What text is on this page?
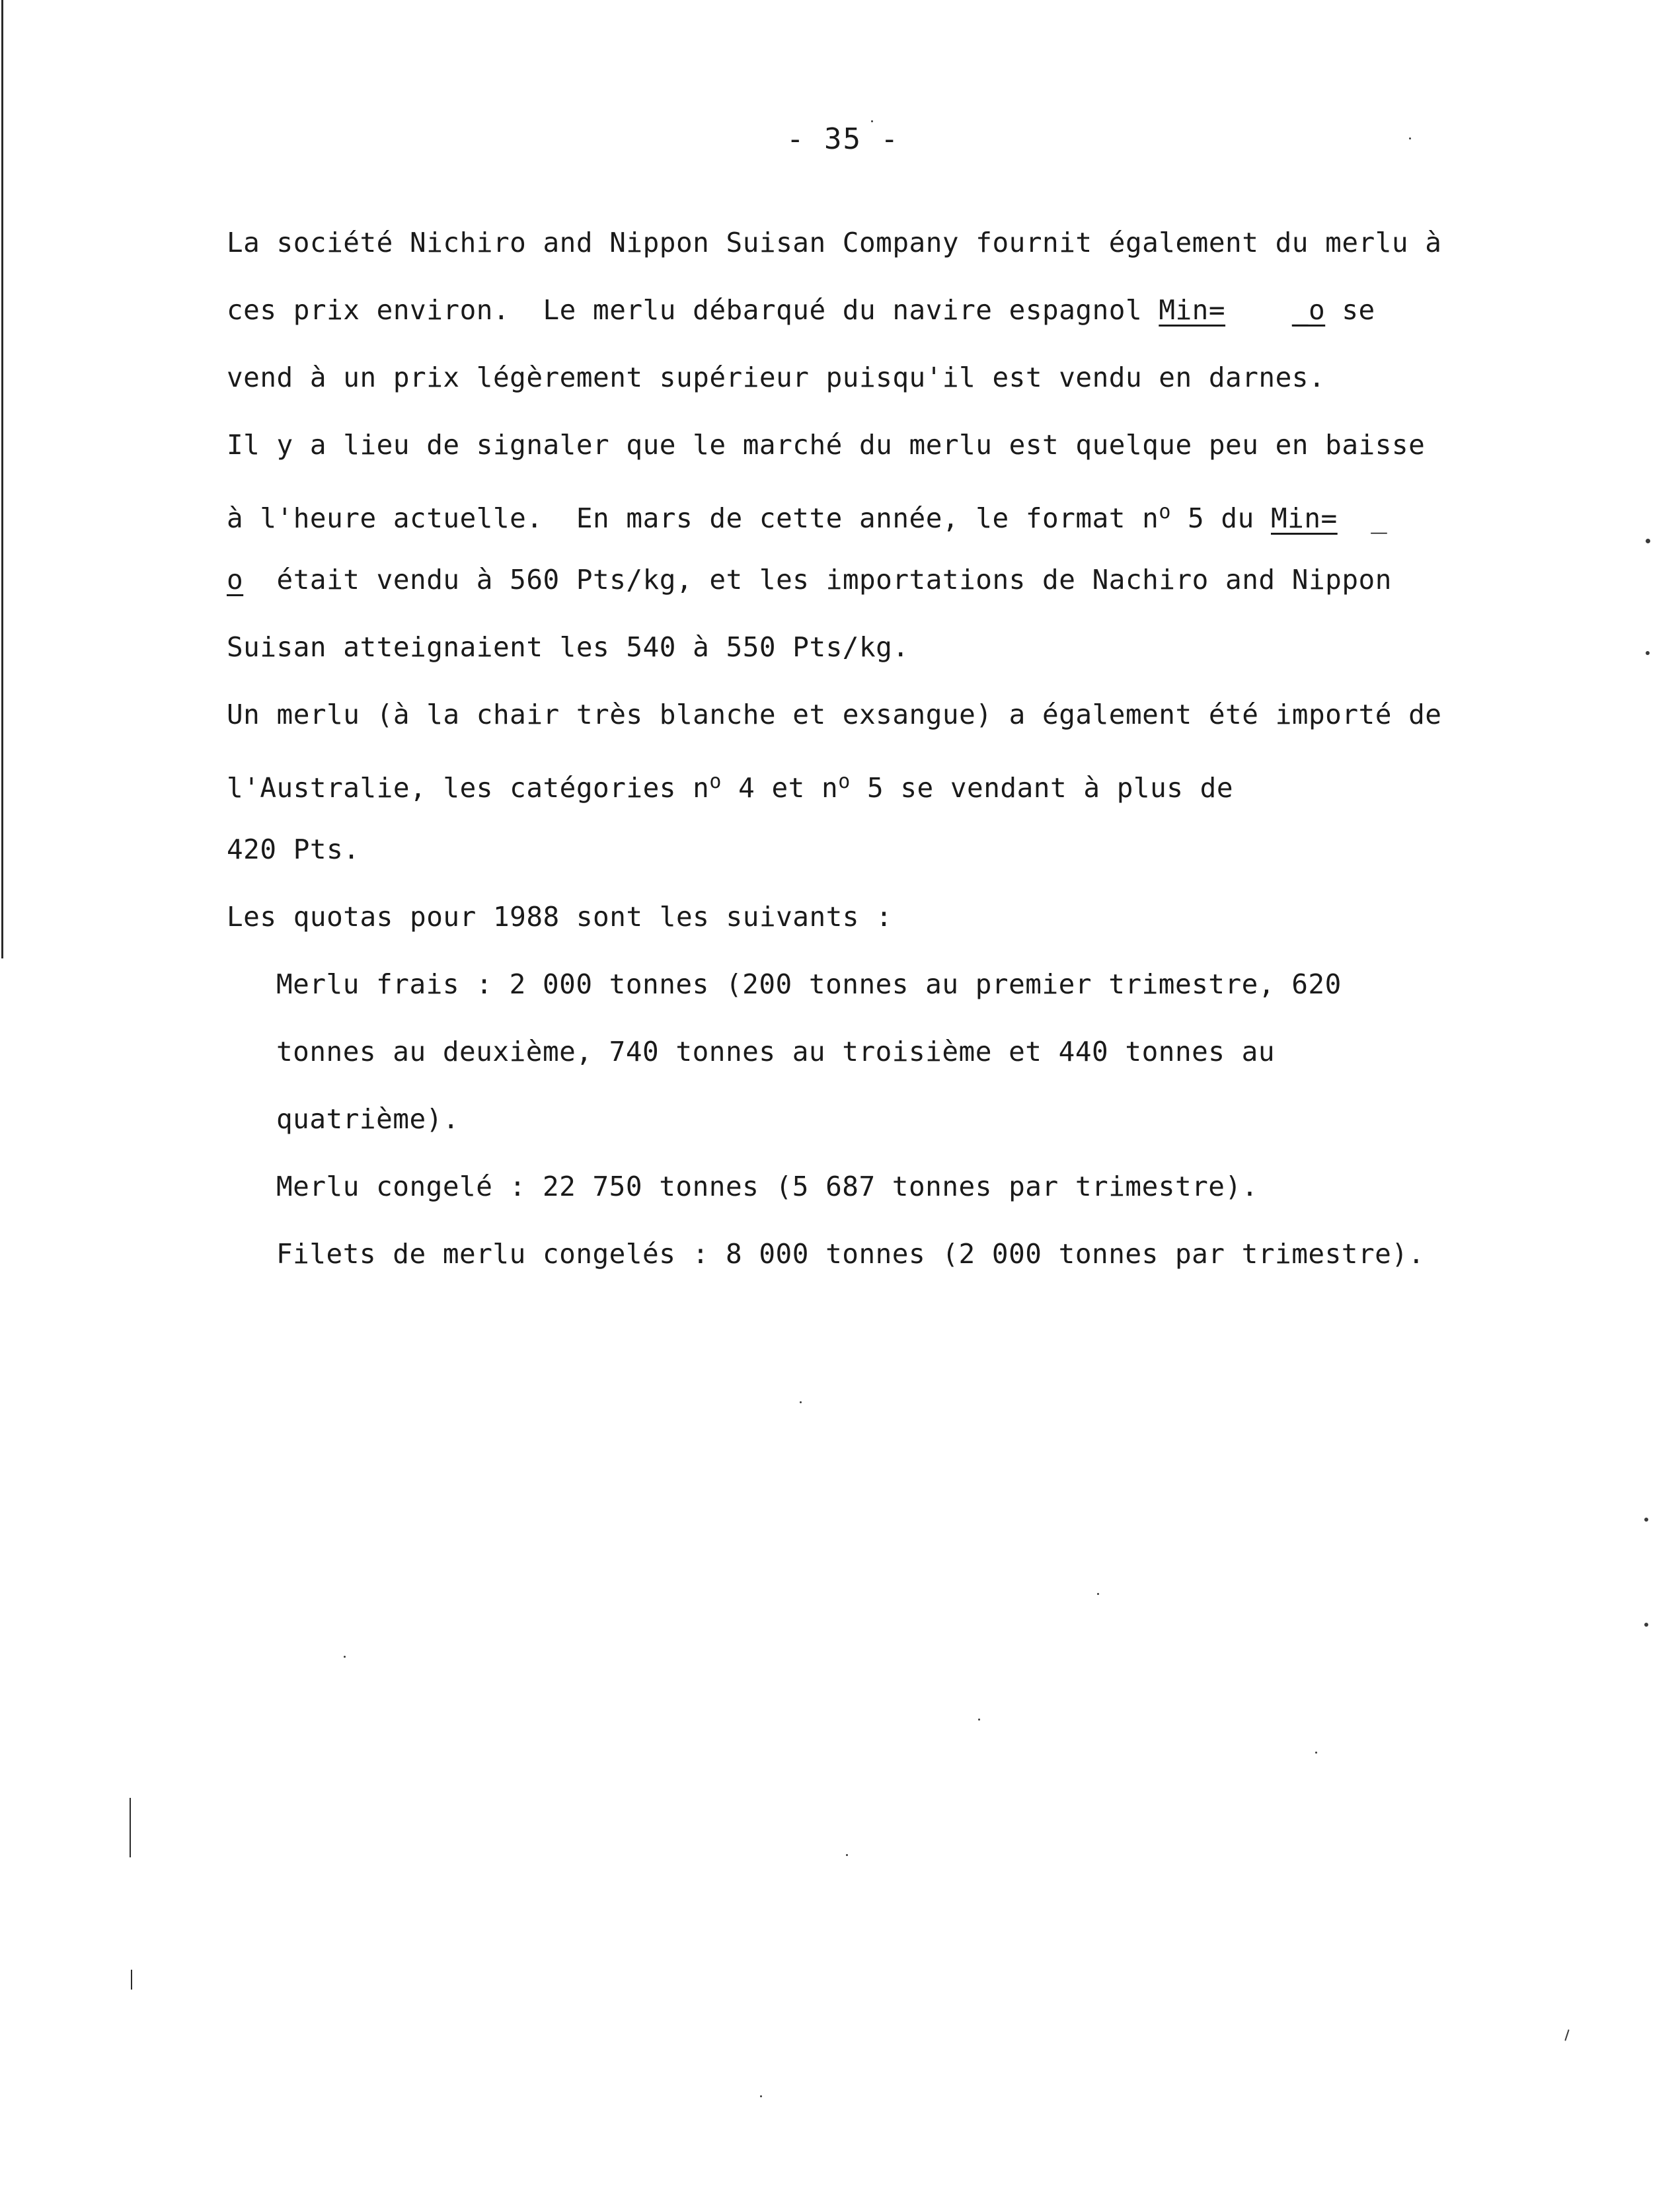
- 35 -
La société Nichiro and Nippon Suisan Company fournit également du merlu à
ces prix environ.  Le merlu débarqué du navire espagnol Min= _o se
vend à un prix légèrement supérieur puisqu'il est vendu en darnes.
Il y a lieu de signaler que le marché du merlu est quelque peu en baisse
à l'heure actuelle.  En mars de cette année, le format $n^o$ 5 du Min=  _
o  était vendu à 560 Pts/kg, et les importations de Nachiro and Nippon
Suisan atteignaient les 540 à 550 Pts/kg.
Un merlu (à la chair très blanche et exsangue) a également été importé de
l'Australie, les catégories $n^o$ 4 et $n^o$ 5 se vendant à plus de
420 Pts.
Les quotas pour 1988 sont les suivants :
Merlu frais : 2 000 tonnes (200 tonnes au premier trimestre, 620
tonnes au deuxième, 740 tonnes au troisième et 440 tonnes au
quatrième).
Merlu congelé : 22 750 tonnes (5 687 tonnes par trimestre).
Filets de merlu congelés : 8 000 tonnes (2 000 tonnes par trimestre).
